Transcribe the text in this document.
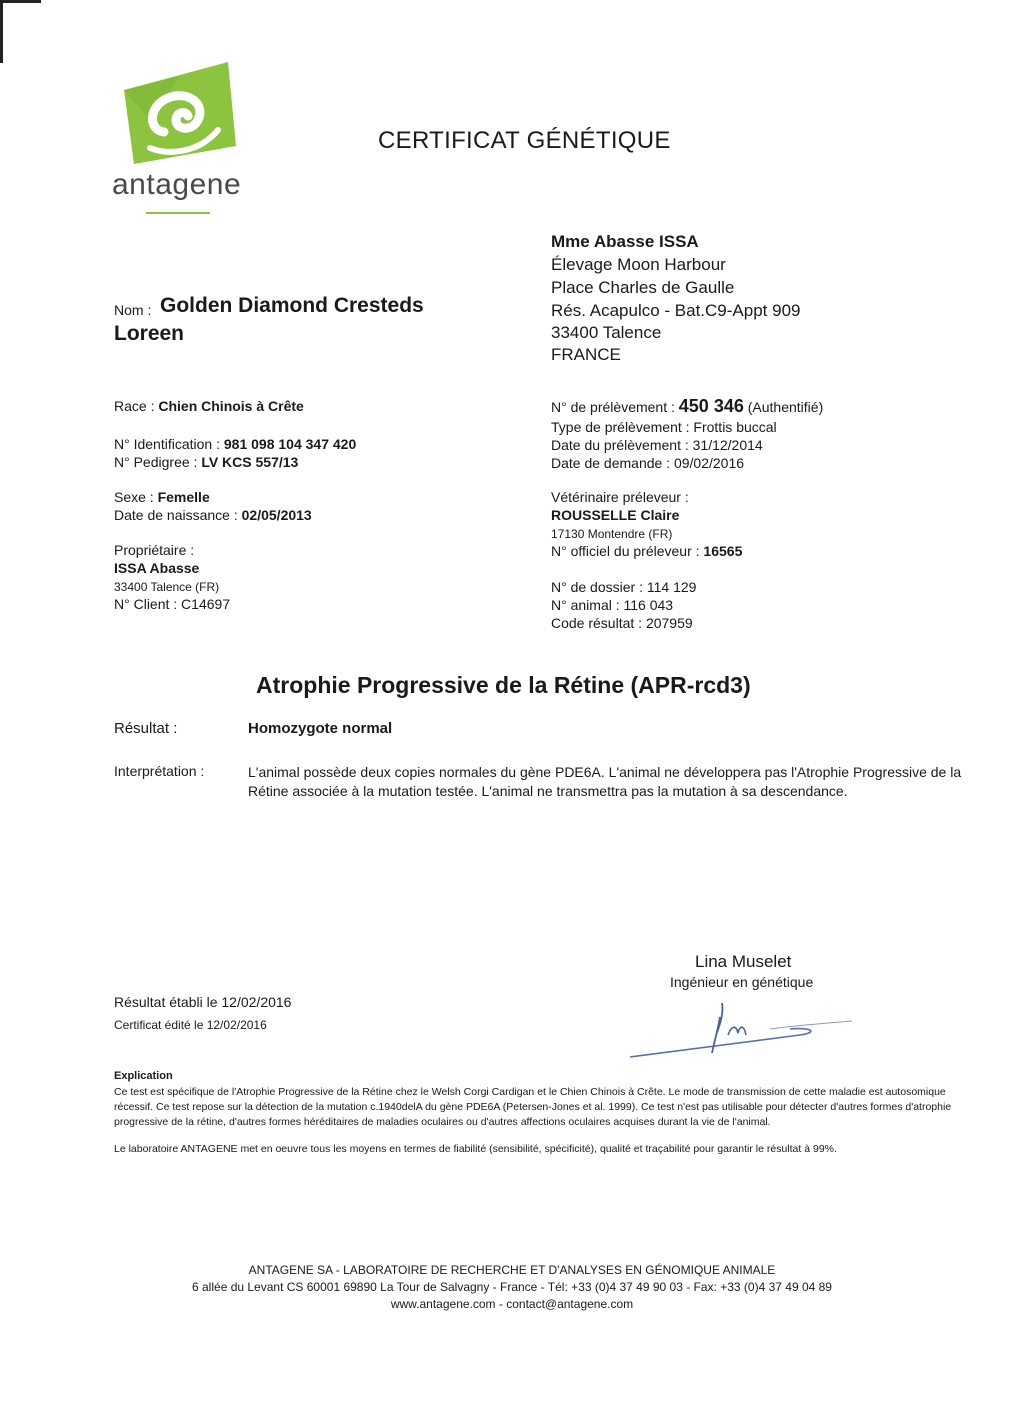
antagene
CERTIFICAT GÉNÉTIQUE
Mme Abasse ISSA
Élevage Moon Harbour
Place Charles de Gaulle
Rés. Acapulco - Bat.C9-Appt 909
33400 Talence
FRANCE
Nom : Golden Diamond Cresteds
Loreen
Race : Chien Chinois à Crête
N° Identification : 981 098 104 347 420
N° Pedigree : LV KCS 557/13
Sexe : Femelle
Date de naissance : 02/05/2013
Propriétaire :
ISSA Abasse
33400 Talence (FR)
N° Client : C14697
N° de prélèvement : 450 346 (Authentifié)
Type de prélèvement : Frottis buccal
Date du prélèvement : 31/12/2014
Date de demande : 09/02/2016
Vétérinaire préleveur :
ROUSSELLE Claire
17130 Montendre (FR)
N° officiel du préleveur : 16565
N° de dossier : 114 129
N° animal : 116 043
Code résultat : 207959
Atrophie Progressive de la Rétine (APR-rcd3)
Résultat :	Homozygote normal
Interprétation :	L'animal possède deux copies normales du gène PDE6A. L'animal ne développera pas l'Atrophie Progressive de la Rétine associée à la mutation testée. L'animal ne transmettra pas la mutation à sa descendance.
Lina Muselet
Ingénieur en génétique
Résultat établi le 12/02/2016
Certificat édité le 12/02/2016
Explication
Ce test est spécifique de l'Atrophie Progressive de la Rétine chez le Welsh Corgi Cardigan et le Chien Chinois à Crête. Le mode de transmission de cette maladie est autosomique récessif. Ce test repose sur la détection de la mutation c.1940delA du gène PDE6A (Petersen-Jones et al. 1999). Ce test n'est pas utilisable pour détecter d'autres formes d'atrophie progressive de la rétine, d'autres formes héréditaires de maladies oculaires ou d'autres affections oculaires acquises durant la vie de l'animal.
Le laboratoire ANTAGENE met en oeuvre tous les moyens en termes de fiabilité (sensibilité, spécificité), qualité et traçabilité pour garantir le résultat à 99%.
ANTAGENE SA - LABORATOIRE DE RECHERCHE ET D'ANALYSES EN GÉNOMIQUE ANIMALE
6 allée du Levant CS 60001 69890 La Tour de Salvagny - France - Tél: +33 (0)4 37 49 90 03 - Fax: +33 (0)4 37 49 04 89
www.antagene.com - contact@antagene.com
